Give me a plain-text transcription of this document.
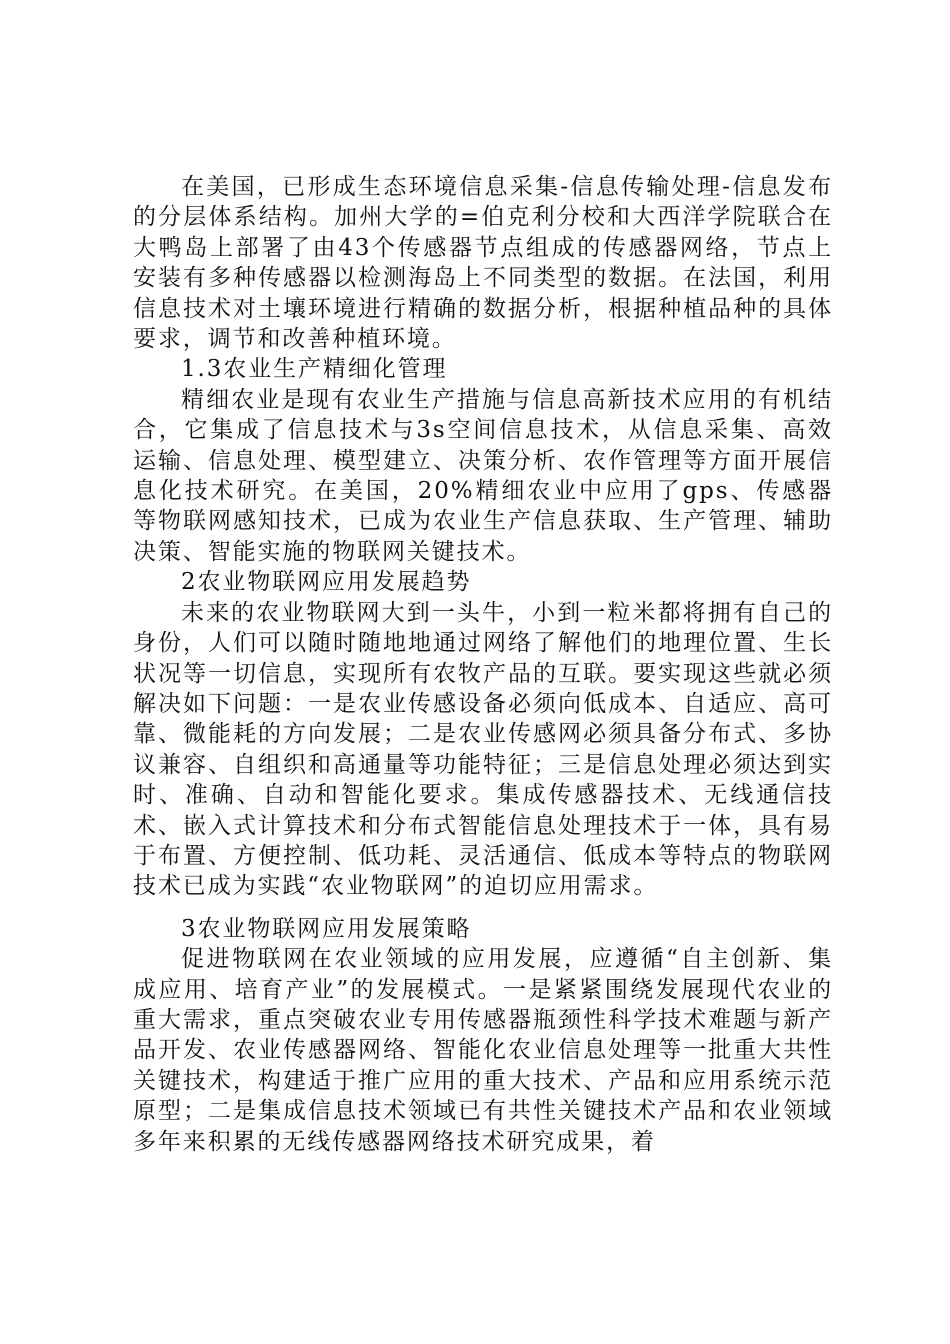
在美国，已形成生态环境信息采集-信息传输处理-信息发布的分层体系结构。加州大学的=伯克利分校和大西洋学院联合在大鸭岛上部署了由43个传感器节点组成的传感器网络，节点上安装有多种传感器以检测海岛上不同类型的数据。在法国，利用信息技术对土壤环境进行精确的数据分析，根据种植品种的具体要求，调节和改善种植环境。

1.3农业生产精细化管理

精细农业是现有农业生产措施与信息高新技术应用的有机结合，它集成了信息技术与3s空间信息技术，从信息采集、高效运输、信息处理、模型建立、决策分析、农作管理等方面开展信息化技术研究。在美国，20%精细农业中应用了gps、传感器等物联网感知技术，已成为农业生产信息获取、生产管理、辅助决策、智能实施的物联网关键技术。

2农业物联网应用发展趋势

未来的农业物联网大到一头牛，小到一粒米都将拥有自己的身份，人们可以随时随地地通过网络了解他们的地理位置、生长状况等一切信息，实现所有农牧产品的互联。要实现这些就必须解决如下问题：一是农业传感设备必须向低成本、自适应、高可靠、微能耗的方向发展；二是农业传感网必须具备分布式、多协议兼容、自组织和高通量等功能特征；三是信息处理必须达到实时、准确、自动和智能化要求。集成传感器技术、无线通信技术、嵌入式计算技术和分布式智能信息处理技术于一体，具有易于布置、方便控制、低功耗、灵活通信、低成本等特点的物联网技术已成为实践“农业物联网”的迫切应用需求。

3农业物联网应用发展策略

促进物联网在农业领域的应用发展，应遵循“自主创新、集成应用、培育产业”的发展模式。一是紧紧围绕发展现代农业的重大需求，重点突破农业专用传感器瓶颈性科学技术难题与新产品开发、农业传感器网络、智能化农业信息处理等一批重大共性关键技术，构建适于推广应用的重大技术、产品和应用系统示范原型；二是集成信息技术领域已有共性关键技术产品和农业领域多年来积累的无线传感器网络技术研究成果，着
